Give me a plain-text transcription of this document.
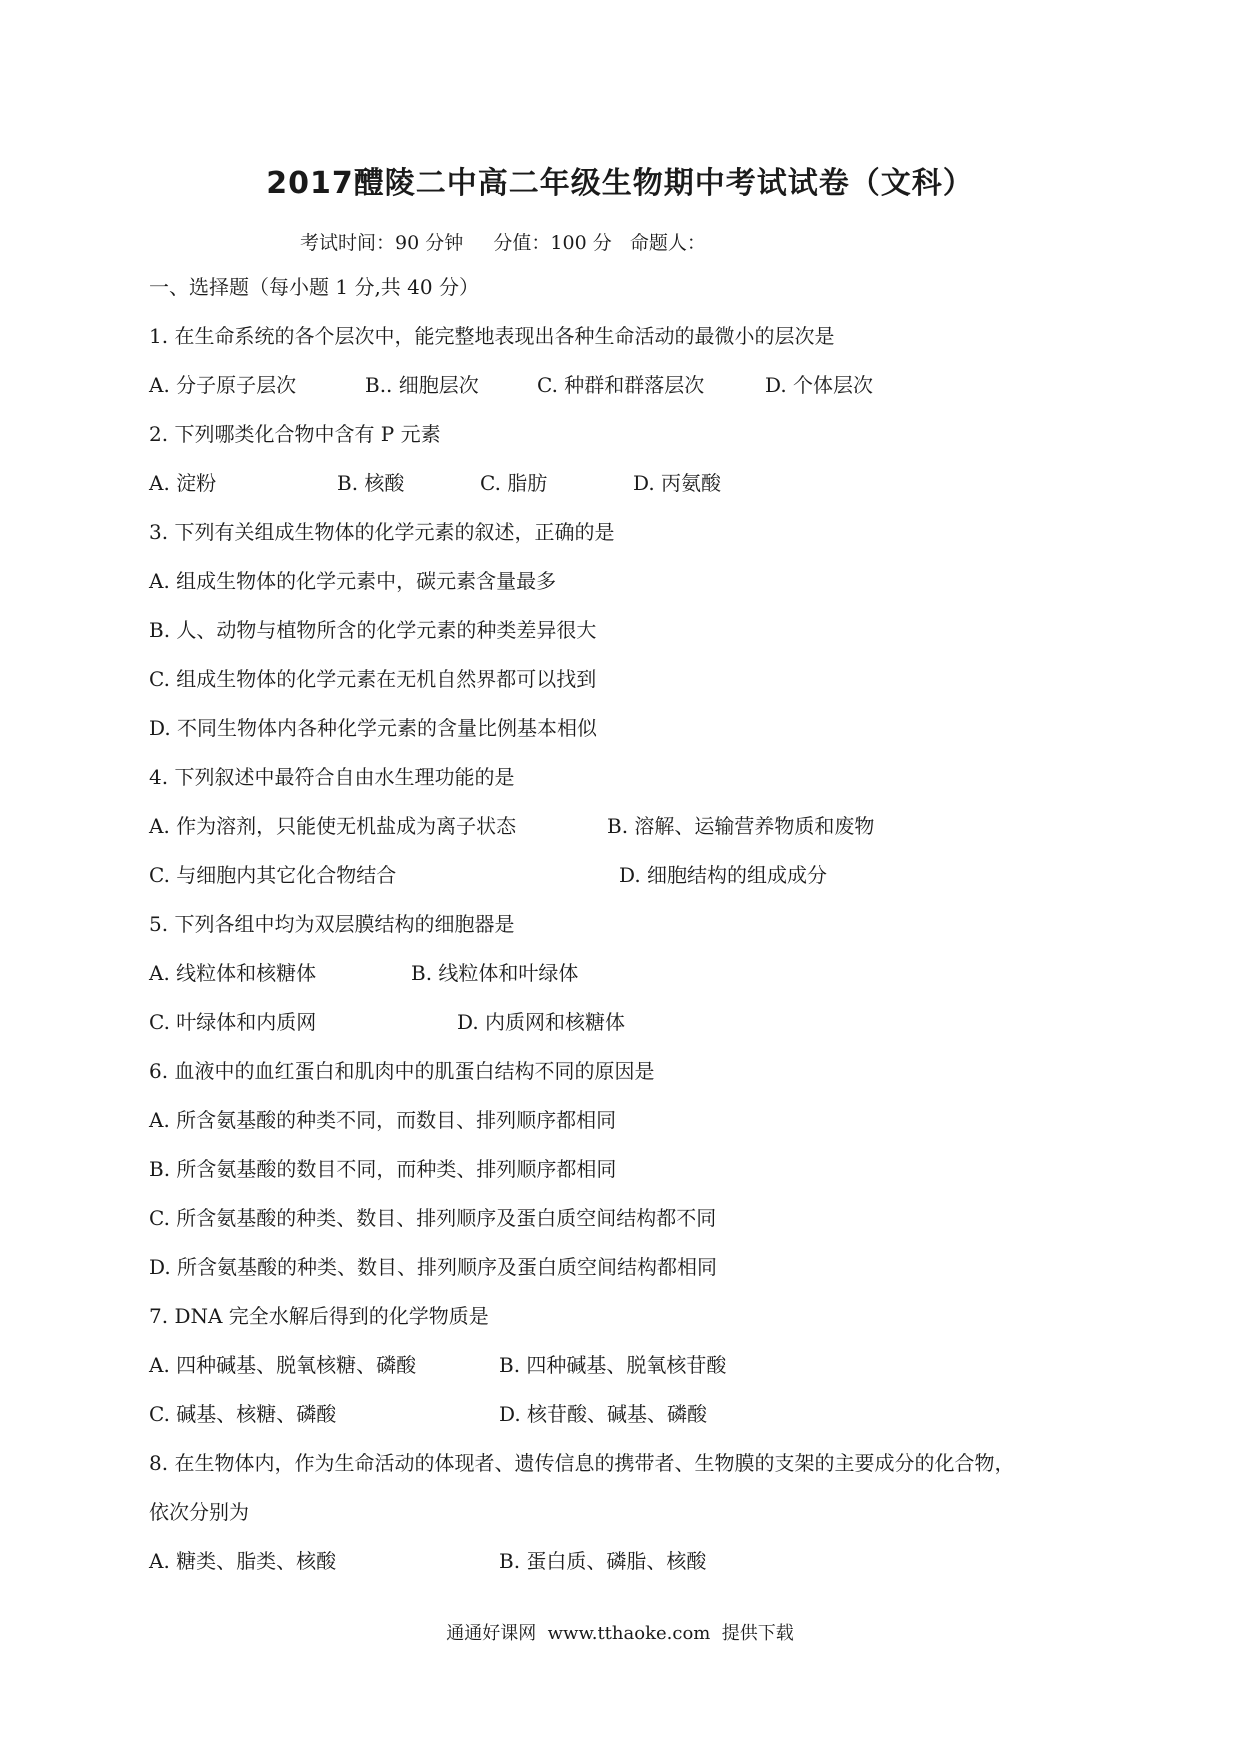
2017醴陵二中高二年级生物期中考试试卷（文科）
考试时间：90 分钟     分值：100 分   命题人：
一、选择题（每小题 1 分,共 40 分）
1. 在生命系统的各个层次中，能完整地表现出各种生命活动的最微小的层次是
A. 分子原子层次	B.. 细胞层次	C. 种群和群落层次	D. 个体层次
2. 下列哪类化合物中含有 P 元素
A. 淀粉	B. 核酸	C. 脂肪	D. 丙氨酸
3. 下列有关组成生物体的化学元素的叙述，正确的是
A. 组成生物体的化学元素中，碳元素含量最多
B. 人、动物与植物所含的化学元素的种类差异很大
C. 组成生物体的化学元素在无机自然界都可以找到
D. 不同生物体内各种化学元素的含量比例基本相似
4. 下列叙述中最符合自由水生理功能的是
A. 作为溶剂，只能使无机盐成为离子状态	B. 溶解、运输营养物质和废物
C. 与细胞内其它化合物结合	D. 细胞结构的组成成分
5. 下列各组中均为双层膜结构的细胞器是
A. 线粒体和核糖体	B. 线粒体和叶绿体
C. 叶绿体和内质网	D. 内质网和核糖体
6. 血液中的血红蛋白和肌肉中的肌蛋白结构不同的原因是
A. 所含氨基酸的种类不同，而数目、排列顺序都相同
B. 所含氨基酸的数目不同，而种类、排列顺序都相同
C. 所含氨基酸的种类、数目、排列顺序及蛋白质空间结构都不同
D. 所含氨基酸的种类、数目、排列顺序及蛋白质空间结构都相同
7. DNA 完全水解后得到的化学物质是
A. 四种碱基、脱氧核糖、磷酸	B. 四种碱基、脱氧核苷酸
C. 碱基、核糖、磷酸	D. 核苷酸、碱基、磷酸
8. 在生物体内，作为生命活动的体现者、遗传信息的携带者、生物膜的支架的主要成分的化合物，
依次分别为
A. 糖类、脂类、核酸	B. 蛋白质、磷脂、核酸
通通好课网  www.tthaoke.com  提供下载
